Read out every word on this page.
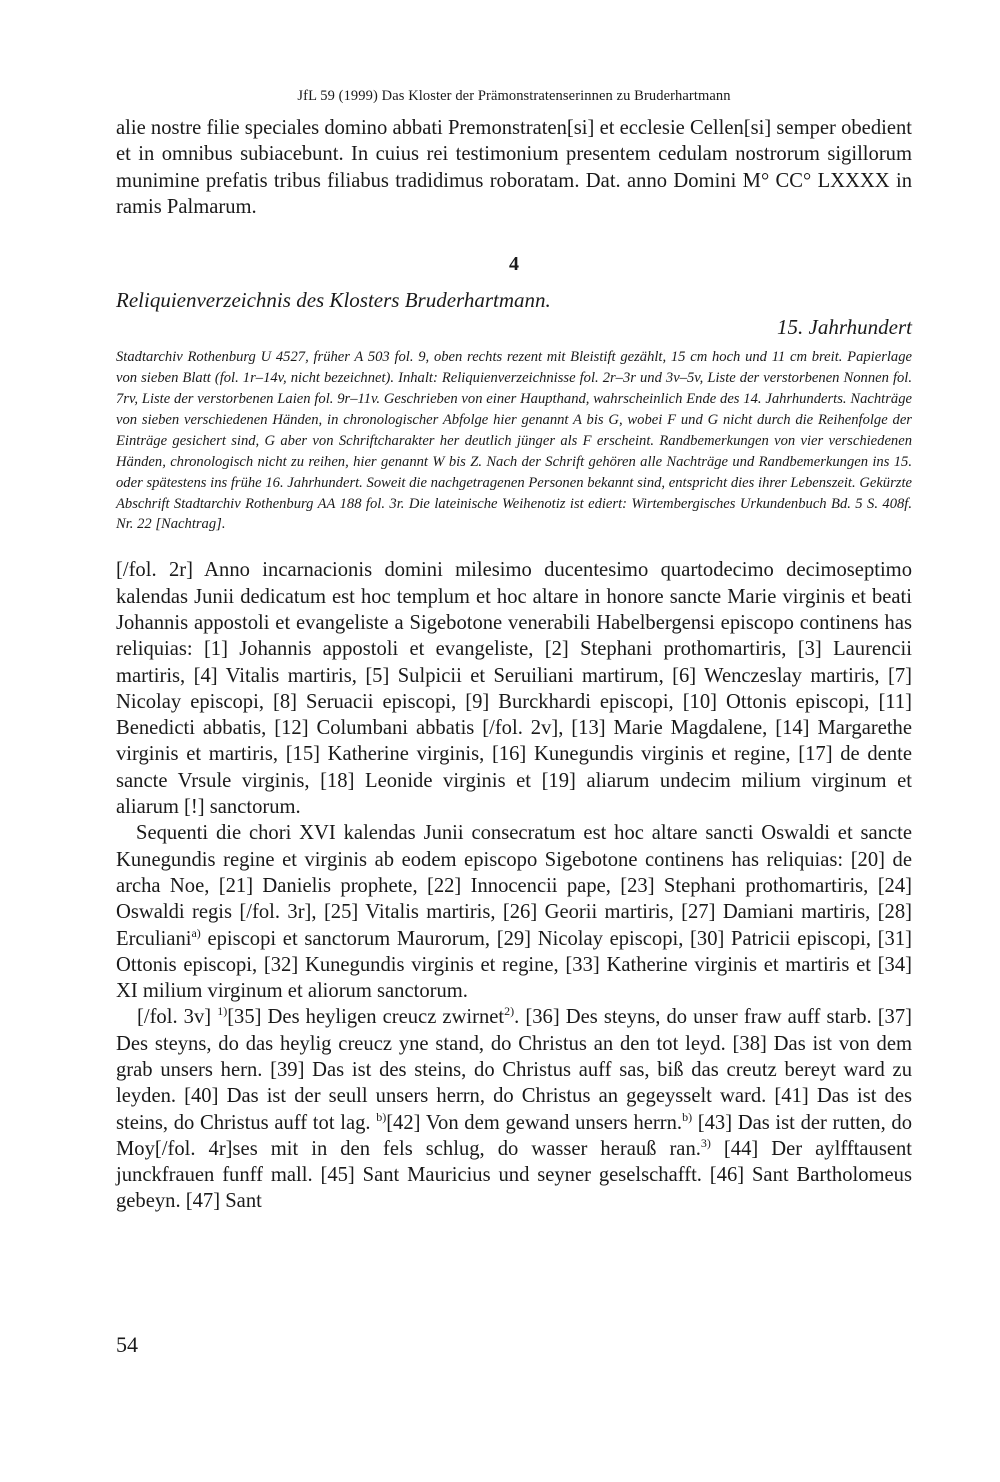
JfL 59 (1999) Das Kloster der Prämonstratenserinnen zu Bruderhartmann

alie nostre filie speciales domino abbati Premonstraten[si] et ecclesie Cellen[si] semper obedient et in omnibus subiacebunt. In cuius rei testimonium presentem cedulam nostrorum sigillorum munimine prefatis tribus filiabus tradidimus roboratam. Dat. anno Domini M° CC° LXXXX in ramis Palmarum.

4

Reliquienverzeichnis des Klosters Bruderhartmann.

15. Jahrhundert

Stadtarchiv Rothenburg U 4527, früher A 503 fol. 9, oben rechts rezent mit Bleistift gezählt, 15 cm hoch und 11 cm breit. Papierlage von sieben Blatt (fol. 1r–14v, nicht bezeichnet). Inhalt: Reliquienverzeichnisse fol. 2r–3r und 3v–5v, Liste der verstorbenen Nonnen fol. 7rv, Liste der verstorbenen Laien fol. 9r–11v. Geschrieben von einer Haupthand, wahrscheinlich Ende des 14. Jahrhunderts. Nachträge von sieben verschiedenen Händen, in chronologischer Abfolge hier genannt A bis G, wobei F und G nicht durch die Reihenfolge der Einträge gesichert sind, G aber von Schriftcharakter her deutlich jünger als F erscheint. Randbemerkungen von vier verschiedenen Händen, chronologisch nicht zu reihen, hier genannt W bis Z. Nach der Schrift gehören alle Nachträge und Randbemerkungen ins 15. oder spätestens ins frühe 16. Jahrhundert. Soweit die nachgetragenen Personen bekannt sind, entspricht dies ihrer Lebenszeit. Gekürzte Abschrift Stadtarchiv Rothenburg AA 188 fol. 3r. Die lateinische Weihenotiz ist ediert: Wirtembergisches Urkundenbuch Bd. 5 S. 408f. Nr. 22 [Nachtrag].

[/fol. 2r] Anno incarnacionis domini milesimo ducentesimo quartodecimo decimoseptimo kalendas Junii dedicatum est hoc templum et hoc altare in honore sancte Marie virginis et beati Johannis appostoli et evangeliste a Sigebotone venerabili Habelbergensi episcopo continens has reliquias: [1] Johannis appostoli et evangeliste, [2] Stephani prothomartiris, [3] Laurencii martiris, [4] Vitalis martiris, [5] Sulpicii et Seruiliani martirum, [6] Wenczeslay martiris, [7] Nicolay episcopi, [8] Seruacii episcopi, [9] Burckhardi episcopi, [10] Ottonis episcopi, [11] Benedicti abbatis, [12] Columbani abbatis [/fol. 2v], [13] Marie Magdalene, [14] Margarethe virginis et martiris, [15] Katherine virginis, [16] Kunegundis virginis et regine, [17] de dente sancte Vrsule virginis, [18] Leonide virginis et [19] aliarum undecim milium virginum et aliarum [!] sanctorum.

Sequenti die chori XVI kalendas Junii consecratum est hoc altare sancti Oswaldi et sancte Kunegundis regine et virginis ab eodem episcopo Sigebotone continens has reliquias: [20] de archa Noe, [21] Danielis prophete, [22] Innocencii pape, [23] Stephani prothomartiris, [24] Oswaldi regis [/fol. 3r], [25] Vitalis martiris, [26] Georii martiris, [27] Damiani martiris, [28] Erculiani$^{a)}$ episcopi et sanctorum Maurorum, [29] Nicolay episcopi, [30] Patricii episcopi, [31] Ottonis episcopi, [32] Kunegundis virginis et regine, [33] Katherine virginis et martiris et [34] XI milium virginum et aliorum sanctorum.

[/fol. 3v] $^{1)}$[35] Des heyligen creucz zwirnet$^{2)}$. [36] Des steyns, do unser fraw auff starb. [37] Des steyns, do das heylig creucz yne stand, do Christus an den tot leyd. [38] Das ist von dem grab unsers hern. [39] Das ist des steins, do Christus auff sas, biß das creutz bereyt ward zu leyden. [40] Das ist der seull unsers herrn, do Christus an gegeysselt ward. [41] Das ist des steins, do Christus auff tot lag. $^{b)}$[42] Von dem gewand unsers herrn.$^{b)}$ [43] Das ist der rutten, do Moy[/fol. 4r]ses mit in den fels schlug, do wasser herauß ran.$^{3)}$ [44] Der aylfftausent junckfrauen funff mall. [45] Sant Mauricius und seyner geselschafft. [46] Sant Bartholomeus gebeyn. [47] Sant

54
